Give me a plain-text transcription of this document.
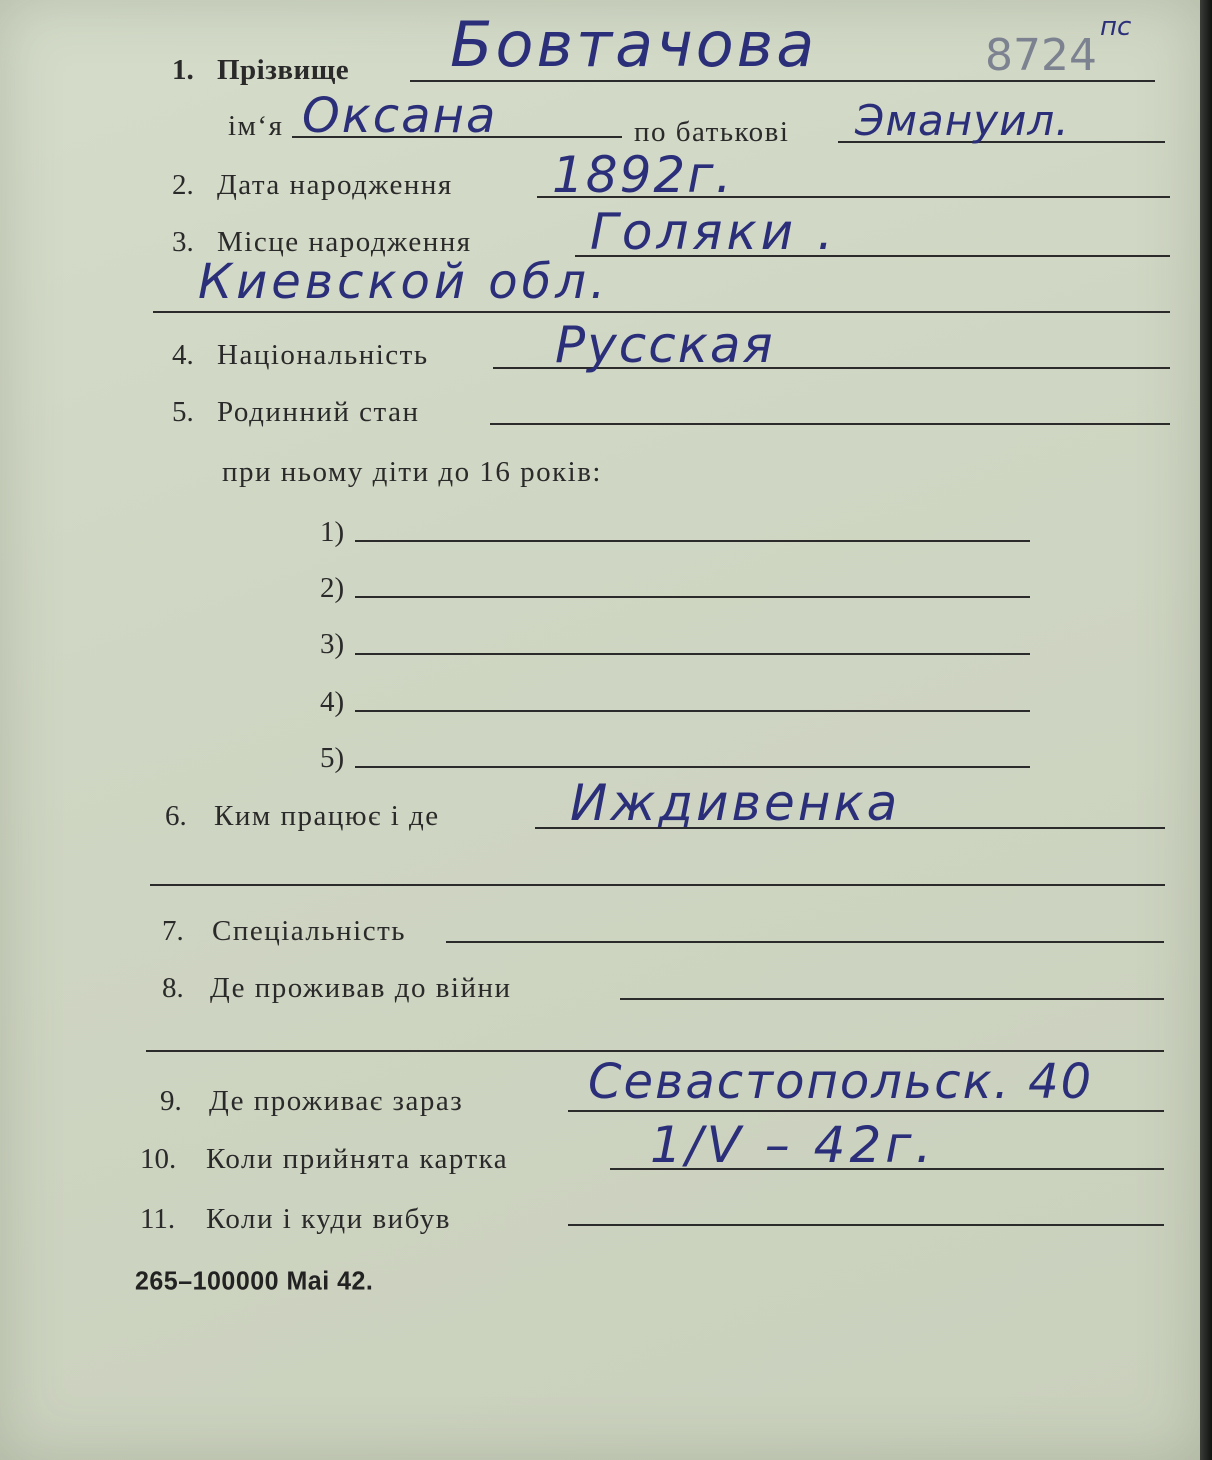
1. Прізвище Бовтачова	8724
пс
ім‘я Оксана	по батькові Эмануил.
2. Дата народження 1892г.
3. Місце народження Голяки .
Киевской обл.
4. Національність	Русская
5. Родинний стан
при ньому діти до 16 років:
1)
2)
3)
4)
5)
6. Ким працює і де	Иждивенка
7. Спеціальність
8. Де проживав до війни
9. Де проживає зараз	Севастопольск. 40
10. Коли прийнята картка	1/V – 42г.
11. Коли і куди вибув
265–100000 Mai 42.
